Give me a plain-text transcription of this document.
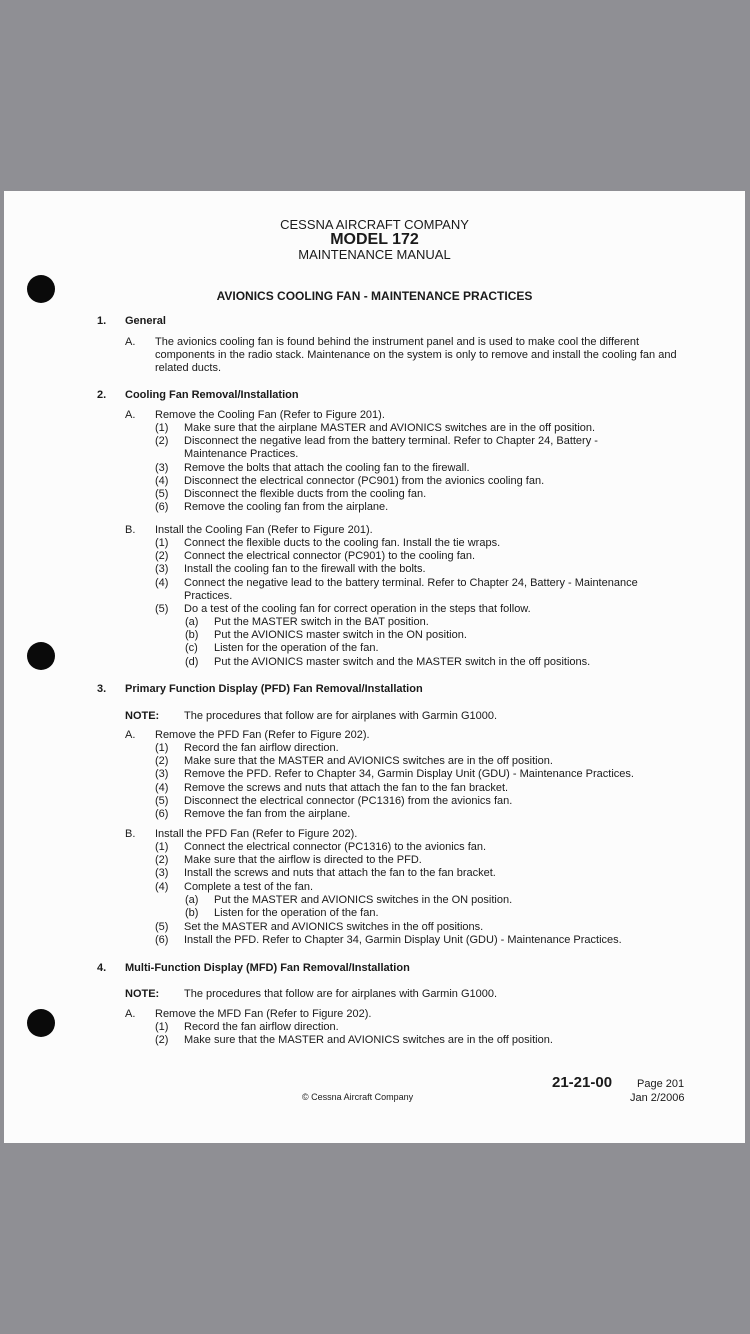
CESSNA AIRCRAFT COMPANY
MODEL 172
MAINTENANCE MANUAL
AVIONICS COOLING FAN - MAINTENANCE PRACTICES
1. General
A. The avionics cooling fan is found behind the instrument panel and is used to make cool the different components in the radio stack. Maintenance on the system is only to remove and install the cooling fan and related ducts.
2. Cooling Fan Removal/Installation
A. Remove the Cooling Fan (Refer to Figure 201).
(1) Make sure that the airplane MASTER and AVIONICS switches are in the off position.
(2) Disconnect the negative lead from the battery terminal. Refer to Chapter 24, Battery -
Maintenance Practices.
(3) Remove the bolts that attach the cooling fan to the firewall.
(4) Disconnect the electrical connector (PC901) from the avionics cooling fan.
(5) Disconnect the flexible ducts from the cooling fan.
(6) Remove the cooling fan from the airplane.
B. Install the Cooling Fan (Refer to Figure 201).
(1) Connect the flexible ducts to the cooling fan. Install the tie wraps.
(2) Connect the electrical connector (PC901) to the cooling fan.
(3) Install the cooling fan to the firewall with the bolts.
(4) Connect the negative lead to the battery terminal. Refer to Chapter 24, Battery - Maintenance
Practices.
(5) Do a test of the cooling fan for correct operation in the steps that follow.
(a) Put the MASTER switch in the BAT position.
(b) Put the AVIONICS master switch in the ON position.
(c) Listen for the operation of the fan.
(d) Put the AVIONICS master switch and the MASTER switch in the off positions.
3. Primary Function Display (PFD) Fan Removal/Installation
NOTE: The procedures that follow are for airplanes with Garmin G1000.
A. Remove the PFD Fan (Refer to Figure 202).
(1) Record the fan airflow direction.
(2) Make sure that the MASTER and AVIONICS switches are in the off position.
(3) Remove the PFD. Refer to Chapter 34, Garmin Display Unit (GDU) - Maintenance Practices.
(4) Remove the screws and nuts that attach the fan to the fan bracket.
(5) Disconnect the electrical connector (PC1316) from the avionics fan.
(6) Remove the fan from the airplane.
B. Install the PFD Fan (Refer to Figure 202).
(1) Connect the electrical connector (PC1316) to the avionics fan.
(2) Make sure that the airflow is directed to the PFD.
(3) Install the screws and nuts that attach the fan to the fan bracket.
(4) Complete a test of the fan.
(a) Put the MASTER and AVIONICS switches in the ON position.
(b) Listen for the operation of the fan.
(5) Set the MASTER and AVIONICS switches in the off positions.
(6) Install the PFD. Refer to Chapter 34, Garmin Display Unit (GDU) - Maintenance Practices.
4. Multi-Function Display (MFD) Fan Removal/Installation
NOTE: The procedures that follow are for airplanes with Garmin G1000.
A. Remove the MFD Fan (Refer to Figure 202).
(1) Record the fan airflow direction.
(2) Make sure that the MASTER and AVIONICS switches are in the off position.
© Cessna Aircraft Company
21-21-00 Page 201
Jan 2/2006
